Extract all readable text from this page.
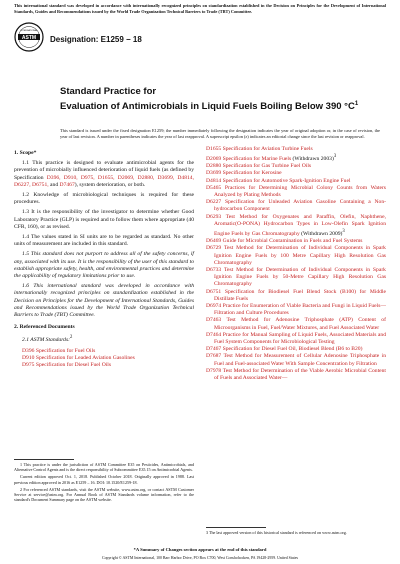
This international standard was developed in accordance with internationally recognized principles on standardization established in the Decision on Principles for the Development of International Standards, Guides and Recommendations issued by the World Trade Organization Technical Barriers to Trade (TBT) Committee.
ASTM
INTERNATIONAL
Designation: E1259 − 18
Standard Practice for
Evaluation of Antimicrobials in Liquid Fuels Boiling Below 390 $^\circ C^1$
This standard is issued under the fixed designation E1259; the number immediately following the designation indicates the year of original adoption or, in the case of revision, the year of last revision. A number in parentheses indicates the year of last reapproval. A superscript epsilon (ε) indicates an editorial change since the last revision or reapproval.
1. Scope*

1.1 This practice is designed to evaluate antimicrobial agents for the prevention of microbially influenced deterioration of liquid fuels (as defined by Specification D396, D910, D975, D1655, D2069, D2880, D3699, D4814, D6227, D6751, and D7467), system deterioration, or both.

1.2 Knowledge of microbiological techniques is required for these procedures.

1.3 It is the responsibility of the investigator to determine whether Good Laboratory Practice (GLP) is required and to follow them where appropriate (40 CFR, 160), or as revised.

1.4 The values stated in SI units are to be regarded as standard. No other units of measurement are included in this standard.

1.5 This standard does not purport to address all of the safety concerns, if any, associated with its use. It is the responsibility of the user of this standard to establish appropriate safety, health, and environmental practices and determine the applicability of regulatory limitations prior to use.

1.6 This international standard was developed in accordance with internationally recognized principles on standardization established in the Decision on Principles for the Development of International Standards, Guides and Recommendations issued by the World Trade Organization Technical Barriers to Trade (TBT) Committee.

2. Referenced Documents

2.1 ASTM Standards:$^2$

D396 Specification for Fuel Oils
D910 Specification for Leaded Aviation Gasolines
D975 Specification for Diesel Fuel Oils

1 This practice is under the jurisdiction of ASTM Committee E35 on Pesticides, Antimicrobials, and Alternative Control Agents and is the direct responsibility of Subcommittee E35.15 on Antimicrobial Agents.

Current edition approved Oct. 1, 2018. Published October 2018. Originally approved in 1988. Last previous edition approved in 2016 as E1259 – 16. DOI: 10.1520/E1259-18.

2 For referenced ASTM standards, visit the ASTM website, www.astm.org, or contact ASTM Customer Service at service@astm.org. For Annual Book of ASTM Standards volume information, refer to the standard's Document Summary page on the ASTM website.

D1655 Specification for Aviation Turbine Fuels
D2069 Specification for Marine Fuels (Withdrawn 2003)$^3$
D2880 Specification for Gas Turbine Fuel Oils
D3699 Specification for Kerosine
D4814 Specification for Automotive Spark-Ignition Engine Fuel
D5465 Practices for Determining Microbial Colony Counts from Waters Analyzed by Plating Methods
D6227 Specification for Unleaded Aviation Gasoline Containing a Non-hydrocarbon Component
D6293 Test Method for Oxygenates and Paraffin, Olefin, Naphthene, Aromatic(O-PONA) Hydrocarbon Types in Low-Olefin Spark Ignition Engine Fuels by Gas Chromatography (Withdrawn 2009)$^3$
D6469 Guide for Microbial Contamination in Fuels and Fuel Systems
D6729 Test Method for Determination of Individual Components in Spark Ignition Engine Fuels by 100 Metre Capillary High Resolution Gas Chromatography
D6733 Test Method for Determination of Individual Components in Spark Ignition Engine Fuels by 50-Metre Capillary High Resolution Gas Chromatography
D6751 Specification for Biodiesel Fuel Blend Stock (B100) for Middle Distillate Fuels
D6974 Practice for Enumeration of Viable Bacteria and Fungi in Liquid Fuels—Filtration and Culture Procedures
D7463 Test Method for Adenosine Triphosphate (ATP) Content of Microorganisms in Fuel, Fuel/Water Mixtures, and Fuel Associated Water
D7464 Practice for Manual Sampling of Liquid Fuels, Associated Materials and Fuel System Components for Microbiological Testing
D7467 Specification for Diesel Fuel Oil, Biodiesel Blend (B6 to B20)
D7687 Test Method for Measurement of Cellular Adenosine Triphosphate in Fuel and Fuel-associated Water With Sample Concentration by Filtration
D7978 Test Method for Determination of the Viable Aerobic Microbial Content of Fuels and Associated Water—
3 The last approved version of this historical standard is referenced on www.astm.org.
*A Summary of Changes section appears at the end of this standard
Copyright © ASTM International, 100 Barr Harbor Drive, PO Box C700, West Conshohocken, PA 19428-2959. United States
